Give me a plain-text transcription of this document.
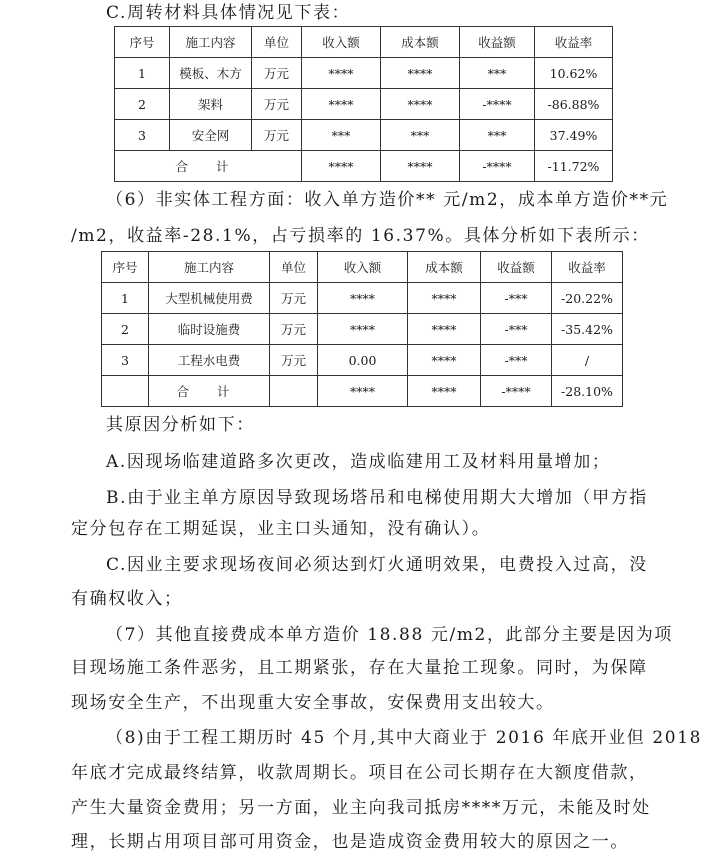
C.周转材料具体情况见下表：
序号	施工内容	单位	收入额	成本额	收益额	收益率
1	模板、木方	万元	****	****	***	10.62%
2	架料	万元	****	****	-****	-86.88%
3	安全网	万元	***	***	***	37.49%
合 计			****	****	-****	-11.72%
（6）非实体工程方面：收入单方造价** 元/m2，成本单方造价**元
/m2，收益率-28.1%，占亏损率的 16.37%。具体分析如下表所示：
序号	施工内容	单位	收入额	成本额	收益额	收益率
1	大型机械使用费	万元	****	****	-***	-20.22%
2	临时设施费	万元	****	****	-***	-35.42%
3	工程水电费	万元	0.00	****	-***	/
	合 计		****	****	-****	-28.10%
其原因分析如下：
A.因现场临建道路多次更改，造成临建用工及材料用量增加；
B.由于业主单方原因导致现场塔吊和电梯使用期大大增加（甲方指
定分包存在工期延误，业主口头通知，没有确认）。
C.因业主要求现场夜间必须达到灯火通明效果，电费投入过高，没
有确权收入；
（7）其他直接费成本单方造价 18.88 元/m2，此部分主要是因为项
目现场施工条件恶劣，且工期紧张，存在大量抢工现象。同时，为保障
现场安全生产，不出现重大安全事故，安保费用支出较大。
（8)由于工程工期历时 45 个月,其中大商业于 2016 年底开业但 2018
年底才完成最终结算，收款周期长。项目在公司长期存在大额度借款，
产生大量资金费用；另一方面，业主向我司抵房****万元，未能及时处
理，长期占用项目部可用资金，也是造成资金费用较大的原因之一。
